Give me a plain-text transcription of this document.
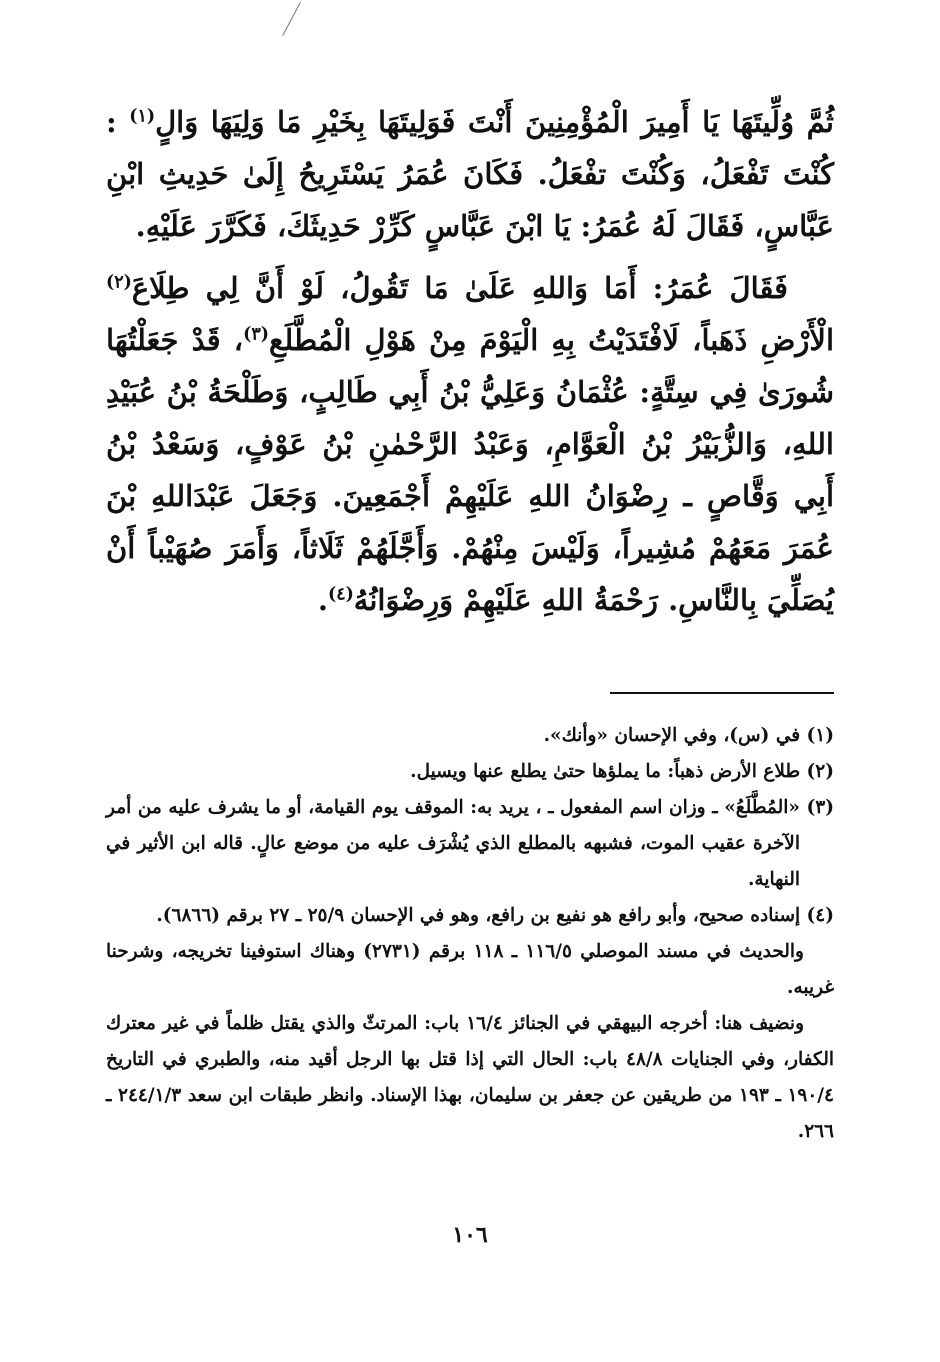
ثُمَّ وُلِّيتَهَا يَا أَمِيرَ الْمُؤْمِنِينَ أَنْتَ فَوَلِيتَهَا بِخَيْرِ مَا وَلِيَهَا وَالٍ$^{(١)}$ : كُنْتَ تَفْعَلُ، وَكُنْتَ تفْعَلُ. فَكَانَ عُمَرُ يَسْتَرِيحُ إِلَىٰ حَدِيثِ ابْنِ عَبَّاسٍ، فَقَالَ لَهُ عُمَرُ: يَا ابْنَ عَبَّاسٍ كَرِّرْ حَدِيثَكَ، فَكَرَّرَ عَلَيْهِ.

فَقَالَ عُمَرُ: أَمَا وَاللهِ عَلَىٰ مَا تَقُولُ، لَوْ أَنَّ لِي طِلَاعَ$^{(٢)}$ الْأَرْضِ ذَهَباً، لَافْتَدَيْتُ بِهِ الْيَوْمَ مِنْ هَوْلِ الْمُطَّلَعِ$^{(٣)}$، قَدْ جَعَلْتُهَا شُورَىٰ فِي سِتَّةٍ: عُثْمَانُ وَعَلِيُّ بْنُ أَبِي طَالِبٍ، وَطَلْحَةُ بْنُ عُبَيْدِ اللهِ، وَالزُّبَيْرُ بْنُ الْعَوَّامِ، وَعَبْدُ الرَّحْمٰنِ بْنُ عَوْفٍ، وَسَعْدُ بْنُ أَبِي وَقَّاصٍ ـ رِضْوَانُ اللهِ عَلَيْهِمْ أَجْمَعِينَ. وَجَعَلَ عَبْدَاللهِ بْنَ عُمَرَ مَعَهُمْ مُشِيراً، وَلَيْسَ مِنْهُمْ. وَأَجَّلَهُمْ ثَلَاثاً، وَأَمَرَ صُهَيْباً أَنْ يُصَلِّيَ بِالنَّاسِ. رَحْمَةُ اللهِ عَلَيْهِمْ وَرِضْوَانُهُ$^{(٤)}$.

(١) في (س)، وفي الإحسان «وأنك».

(٢) طلاع الأرض ذهباً: ما يملؤها حتىٰ يطلع عنها ويسيل.

(٣) «المُطَّلَعُ» ـ وزان اسم المفعول ـ ، يريد به: الموقف يوم القيامة، أو ما يشرف عليه من أمر الآخرة عقيب الموت، فشبهه بالمطلع الذي يُشْرَف عليه من موضع عالٍ. قاله ابن الأثير في النهاية.

(٤) إسناده صحيح، وأبو رافع هو نفيع بن رافع، وهو في الإحسان ٢٥/٩ ـ ٢٧ برقم (٦٨٦٦).

والحديث في مسند الموصلي ١١٦/٥ ـ ١١٨ برقم (٢٧٣١) وهناك استوفينا تخريجه، وشرحنا غريبه.

ونضيف هنا: أخرجه البيهقي في الجنائز ١٦/٤ باب: المرتثّ والذي يقتل ظلماً في غير معترك الكفار، وفي الجنايات ٤٨/٨ باب: الحال التي إذا قتل بها الرجل أقيد منه، والطبري في التاريخ ١٩٠/٤ ـ ١٩٣ من طريقين عن جعفر بن سليمان، بهذا الإسناد. وانظر طبقات ابن سعد ٢٤٤/١/٣ ـ ٢٦٦.

١٠٦
